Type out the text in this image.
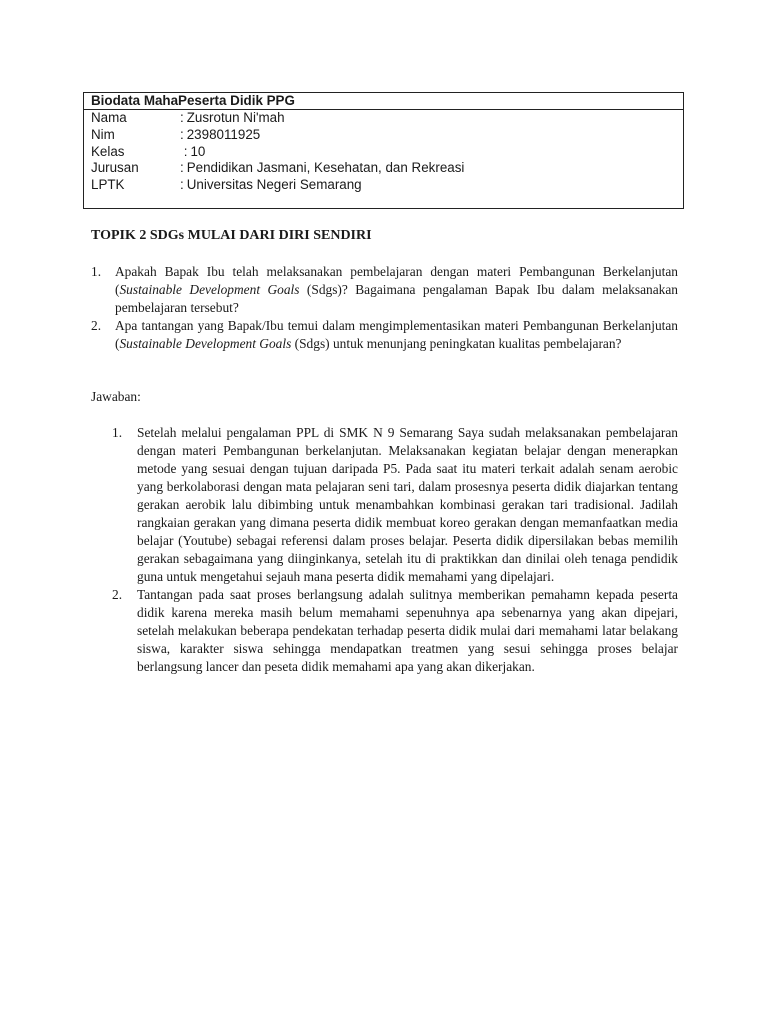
Biodata MahaPeserta Didik PPG
Nama	: Zusrotun Ni'mah
Nim	: 2398011925
Kelas	: 10
Jurusan	: Pendidikan Jasmani, Kesehatan, dan Rekreasi
LPTK	: Universitas Negeri Semarang
TOPIK 2 SDGs MULAI DARI DIRI SENDIRI
1.	Apakah Bapak Ibu telah melaksanakan pembelajaran dengan materi Pembangunan Berkelanjutan (Sustainable Development Goals (Sdgs)? Bagaimana pengalaman Bapak Ibu dalam melaksanakan pembelajaran tersebut?
2.	Apa tantangan yang Bapak/Ibu temui dalam mengimplementasikan materi Pembangunan Berkelanjutan (Sustainable Development Goals (Sdgs) untuk menunjang peningkatan kualitas pembelajaran?
Jawaban:
1.	Setelah melalui pengalaman PPL di SMK N 9 Semarang Saya sudah melaksanakan pembelajaran dengan materi Pembangunan berkelanjutan. Melaksanakan kegiatan belajar dengan menerapkan metode yang sesuai dengan tujuan daripada P5. Pada saat itu materi terkait adalah senam aerobic yang berkolaborasi dengan mata pelajaran seni tari, dalam prosesnya peserta didik diajarkan tentang gerakan aerobik lalu dibimbing untuk menambahkan kombinasi gerakan tari tradisional. Jadilah rangkaian gerakan yang dimana peserta didik membuat koreo gerakan dengan memanfaatkan media belajar (Youtube) sebagai referensi dalam proses belajar. Peserta didik dipersilakan bebas memilih gerakan sebagaimana yang diinginkanya, setelah itu di praktikkan dan dinilai oleh tenaga pendidik guna untuk mengetahui sejauh mana peserta didik memahami yang dipelajari.
2.	Tantangan pada saat proses berlangsung adalah sulitnya memberikan pemahamn kepada peserta didik karena mereka masih belum memahami sepenuhnya apa sebenarnya yang akan dipejari, setelah melakukan beberapa pendekatan terhadap peserta didik mulai dari memahami latar belakang siswa, karakter siswa sehingga mendapatkan treatmen yang sesui sehingga proses belajar berlangsung lancer dan peseta didik memahami apa yang akan dikerjakan.
